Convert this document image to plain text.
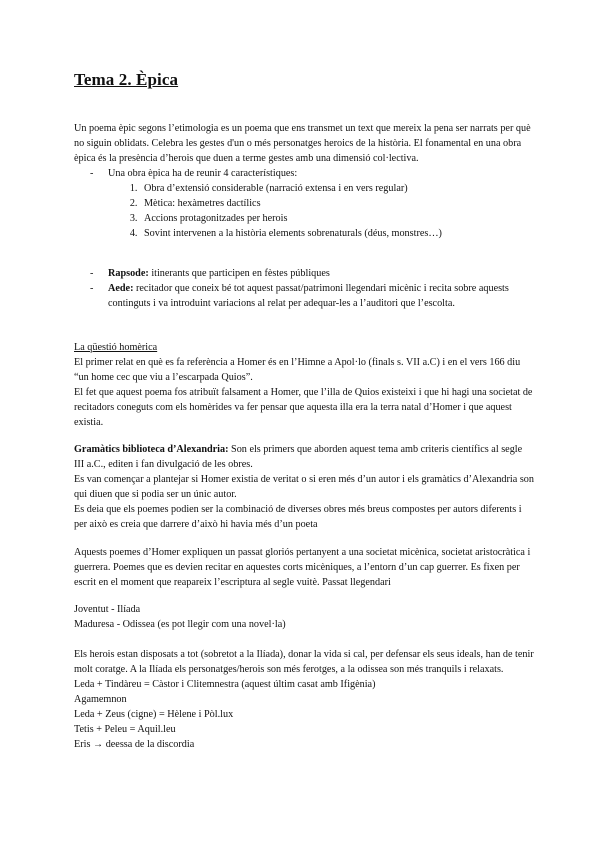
Tema 2. Èpica

Un poema èpic segons l’etimologia es un poema que ens transmet un text que mereix la pena ser narrats per què no siguin oblidats. Celebra les gestes d'un o més personatges heroics de la història. El fonamental en una obra èpica és la presència d’herois que duen a terme gestes amb una dimensió col·lectiva.

- Una obra èpica ha de reunir 4 característiques:

1. Obra d’extensió considerable (narració extensa i en vers regular)
2. Mètica: hexàmetres dactílics
3. Accions protagonitzades per herois
4. Sovint intervenen a la història elements sobrenaturals (déus, monstres…)

- Rapsode: itinerants que participen en fèstes públiques

- Aede: recitador que coneix bé tot aquest passat/patrimoni llegendari micènic i recita sobre aquests continguts i va introduint variacions al relat per adequar-les a l’auditori que l’escolta.

La qüestió homèrica

El primer relat en què es fa referència a Homer és en l’Himne a Apol·lo (finals s. VII a.C) i en el vers 166 diu “un home cec que viu a l’escarpada Quios”.

El fet que aquest poema fos atribuït falsament a Homer, que l’illa de Quios existeixi i que hi hagi una societat de recitadors coneguts com els homèrides va fer pensar que aquesta illa era la terra natal d’Homer i que aquest existia.

Gramàtics biblioteca d’Alexandria: Son els primers que aborden aquest tema amb criteris científics al segle III a.C., editen i fan divulgació de les obres.

Es van començar a plantejar si Homer existia de veritat o si eren més d’un autor i els gramàtics d’Alexandria son qui diuen que si podia ser un únic autor.

Es deia que els poemes podien ser la combinació de diverses obres més breus compostes per autors diferents i per això es creia que darrere d’això hi havia més d’un poeta

Aquests poemes d’Homer expliquen un passat gloriós pertanyent a una societat micènica, societat aristocràtica i guerrera. Poemes que es devien recitar en aquestes corts micèniques, a l’entorn d’un cap guerrer. Es fixen per escrit en el moment que reapareix l’escriptura al segle vuitè. Passat llegendari

Joventut - Ilíada

Maduresa - Odissea (es pot llegir com una novel·la)

Els herois estan disposats a tot (sobretot a la Ilíada), donar la vida si cal, per defensar els seus ideals, han de tenir molt coratge. A la Ilíada els personatges/herois son més ferotges, a la odissea son més tranquils i relaxats.

Leda + Tindàreu = Càstor i Clitemnestra (aquest últim casat amb Ifigènia)

Agamemnon

Leda + Zeus (cigne) = Hèlene i Pòl.lux

Tetis + Peleu = Aquil.leu

Eris → deessa de la discordia
